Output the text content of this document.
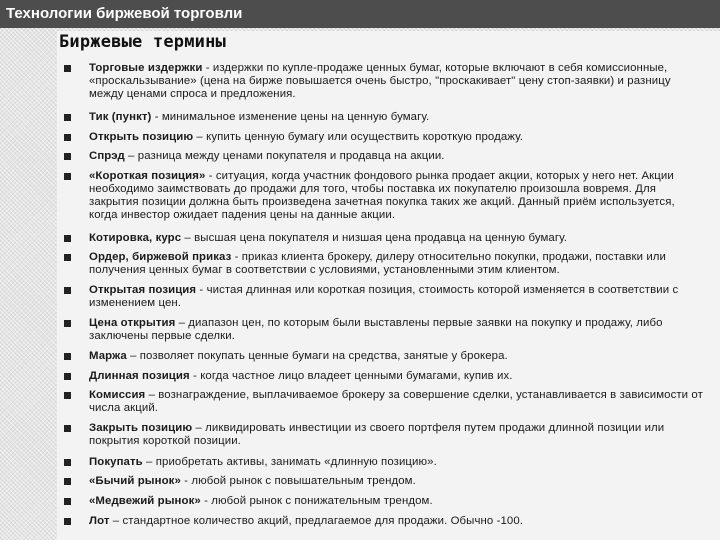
Технологии биржевой торговли
Биржевые термины
Торговые издержки - издержки по купле-продаже ценных бумаг, которые включают в себя комиссионные, «проскальзывание» (цена на бирже повышается очень быстро, "проскакивает" цену стоп-заявки) и разницу между ценами спроса и предложения.
Тик (пункт) - минимальное изменение цены на ценную бумагу.
Открыть позицию – купить ценную бумагу или осуществить короткую продажу.
Спрэд – разница между ценами покупателя и продавца на акции.
«Короткая позиция» - ситуация, когда участник фондового рынка продает акции, которых у него нет. Акции необходимо заимствовать до продажи для того, чтобы поставка их покупателю произошла вовремя. Для закрытия позиции должна быть произведена зачетная покупка таких же акций. Данный приём используется, когда инвестор ожидает падения цены на данные акции.
Котировка, курс – высшая цена покупателя и низшая цена продавца на ценную бумагу.
Ордер, биржевой приказ - приказ клиента брокеру, дилеру относительно покупки, продажи, поставки или получения ценных бумаг в соответствии с условиями, установленными этим клиентом.
Открытая позиция - чистая длинная или короткая позиция, стоимость которой изменяется в соответствии с изменением цен.
Цена открытия – диапазон цен, по которым были выставлены первые заявки на покупку и продажу, либо заключены первые сделки.
Маржа – позволяет покупать ценные бумаги на средства, занятые у брокера.
Длинная позиция - когда частное лицо владеет ценными бумагами, купив их.
Комиссия – вознаграждение, выплачиваемое брокеру за совершение сделки, устанавливается в зависимости от числа акций.
Закрыть позицию – ликвидировать инвестиции из своего портфеля путем продажи длинной позиции или покрытия короткой позиции.
Покупать – приобретать активы, занимать «длинную позицию».
«Бычий рынок» - любой рынок с повышательным трендом.
«Медвежий рынок» - любой рынок с понижательным трендом.
Лот – стандартное количество акций, предлагаемое для продажи. Обычно -100.
